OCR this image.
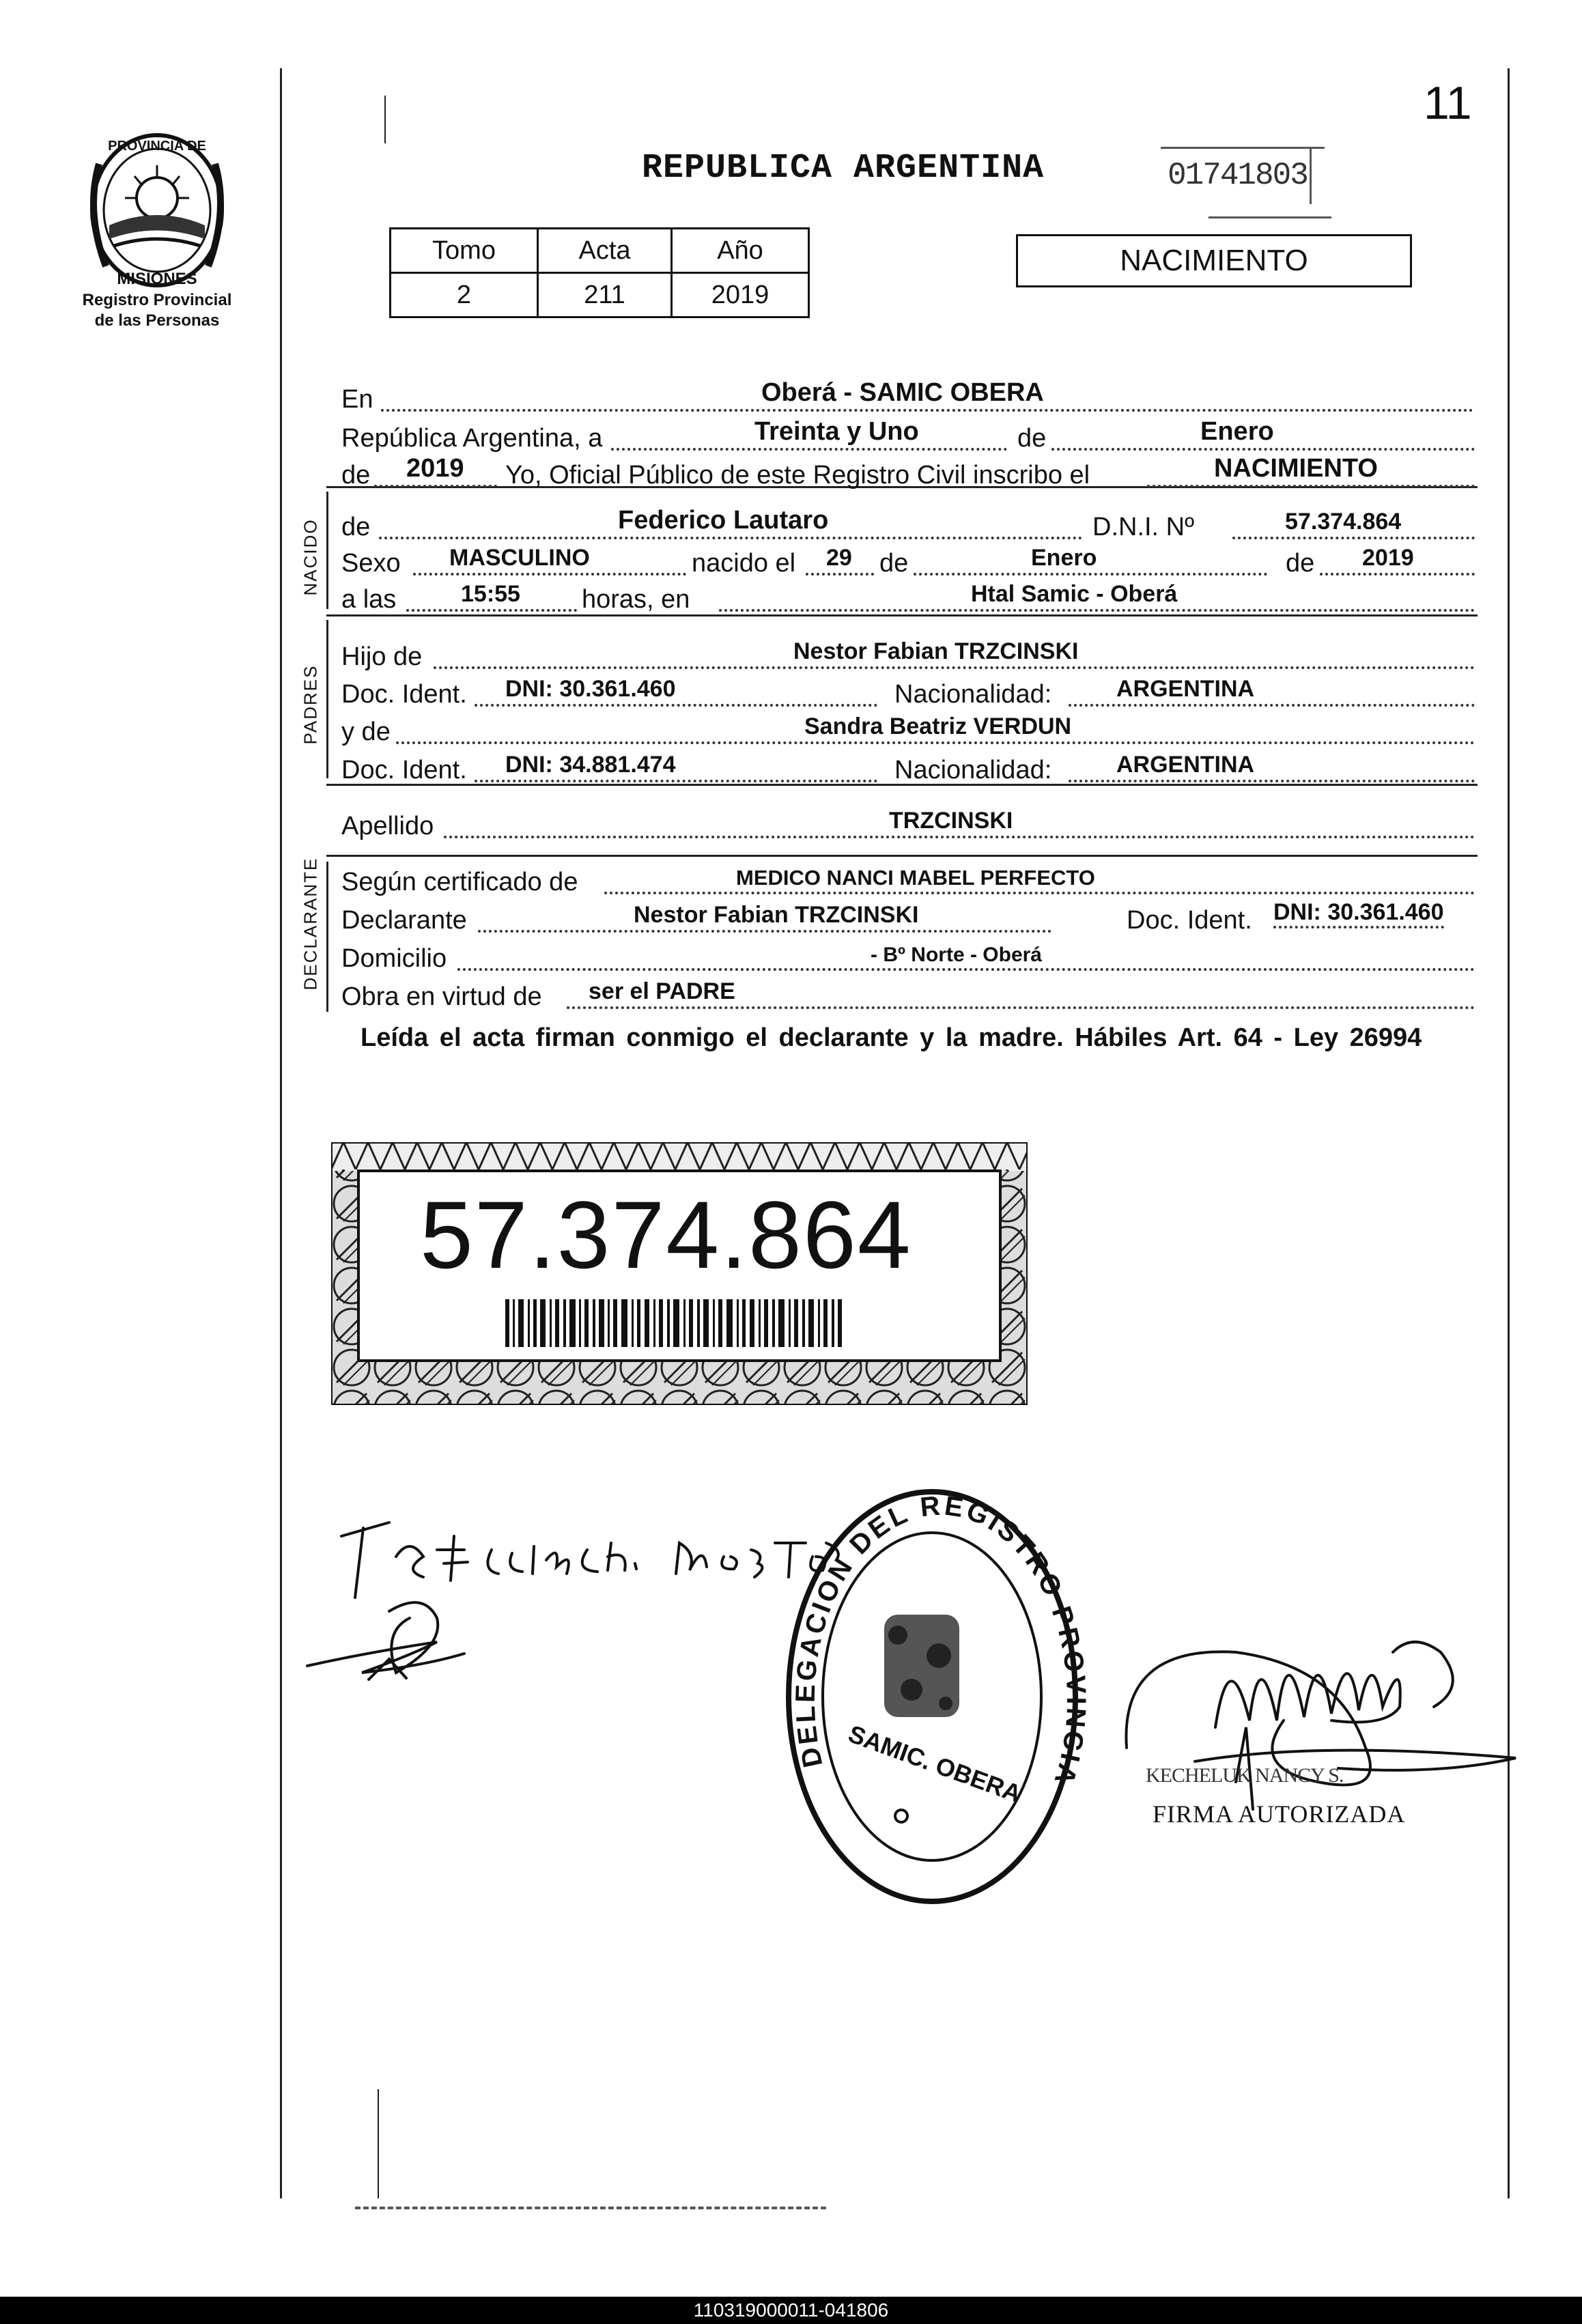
11
PROVINCIA DE
MISIONES
Registro Provincial
de las Personas
REPUBLICA ARGENTINA	01741803
Tomo	Acta	Año
2	211	2019
NACIMIENTO
NACIDO
PADRES
DECLARANTE
En	Oberá - SAMIC OBERA
República Argentina, a	Treinta y Uno	de	Enero
de 2019 Yo, Oficial Público de este Registro Civil inscribo el	NACIMIENTO
de	Federico Lautaro	D.N.I. Nº	57.374.864
Sexo MASCULINO	nacido el 29 de	Enero	de 2019
a las	15:55 horas, en	Htal Samic - Oberá
Hijo de	Nestor Fabian TRZCINSKI
Doc. Ident. DNI: 30.361.460	Nacionalidad:	ARGENTINA
y de	Sandra Beatriz VERDUN
Doc. Ident. DNI: 34.881.474	Nacionalidad:	ARGENTINA
Apellido	TRZCINSKI
Según certificado de	MEDICO NANCI MABEL PERFECTO
Declarante	Nestor Fabian TRZCINSKI	Doc. Ident. DNI: 30.361.460
Domicilio	- Bº Norte - Oberá
Obra en virtud de ser el PADRE
Leída el acta firman conmigo el declarante y la madre. Hábiles Art. 64 - Ley 26994
57.374.864
DELEGACION DEL REGISTRO PROVINCIA
SAMIC. OBERA	KECHELUK NANCY S.
FIRMA AUTORIZADA
110319000011-041806
